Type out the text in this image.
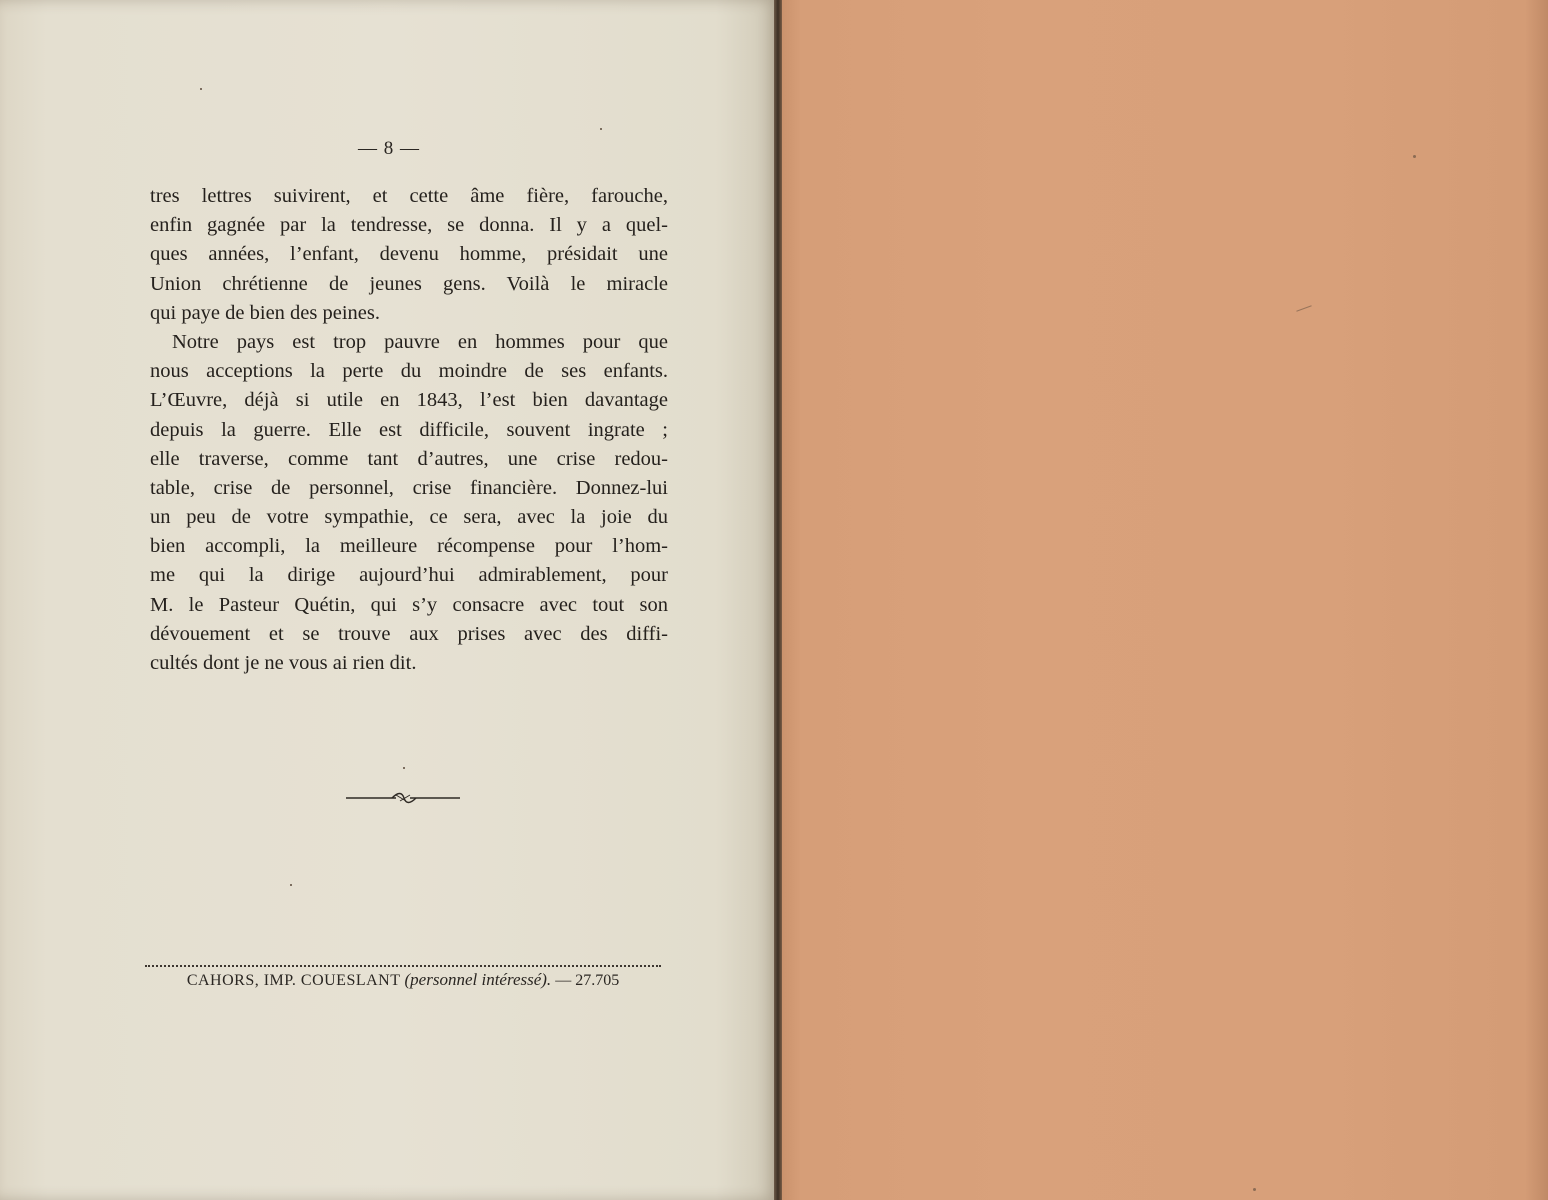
— 8 —
tres lettres suivirent, et cette âme fière, farouche,
enfin gagnée par la tendresse, se donna. Il y a quel-
ques années, l’enfant, devenu homme, présidait une
Union chrétienne de jeunes gens. Voilà le miracle
qui paye de bien des peines.
Notre pays est trop pauvre en hommes pour que
nous acceptions la perte du moindre de ses enfants.
L’Œuvre, déjà si utile en 1843, l’est bien davantage
depuis la guerre. Elle est difficile, souvent ingrate ;
elle traverse, comme tant d’autres, une crise redou-
table, crise de personnel, crise financière. Donnez-lui
un peu de votre sympathie, ce sera, avec la joie du
bien accompli, la meilleure récompense pour l’hom-
me qui la dirige aujourd’hui admirablement, pour
M. le Pasteur Quétin, qui s’y consacre avec tout son
dévouement et se trouve aux prises avec des diffi-
cultés dont je ne vous ai rien dit.
CAHORS, IMP. COUESLANT (personnel intéressé). — 27.705
